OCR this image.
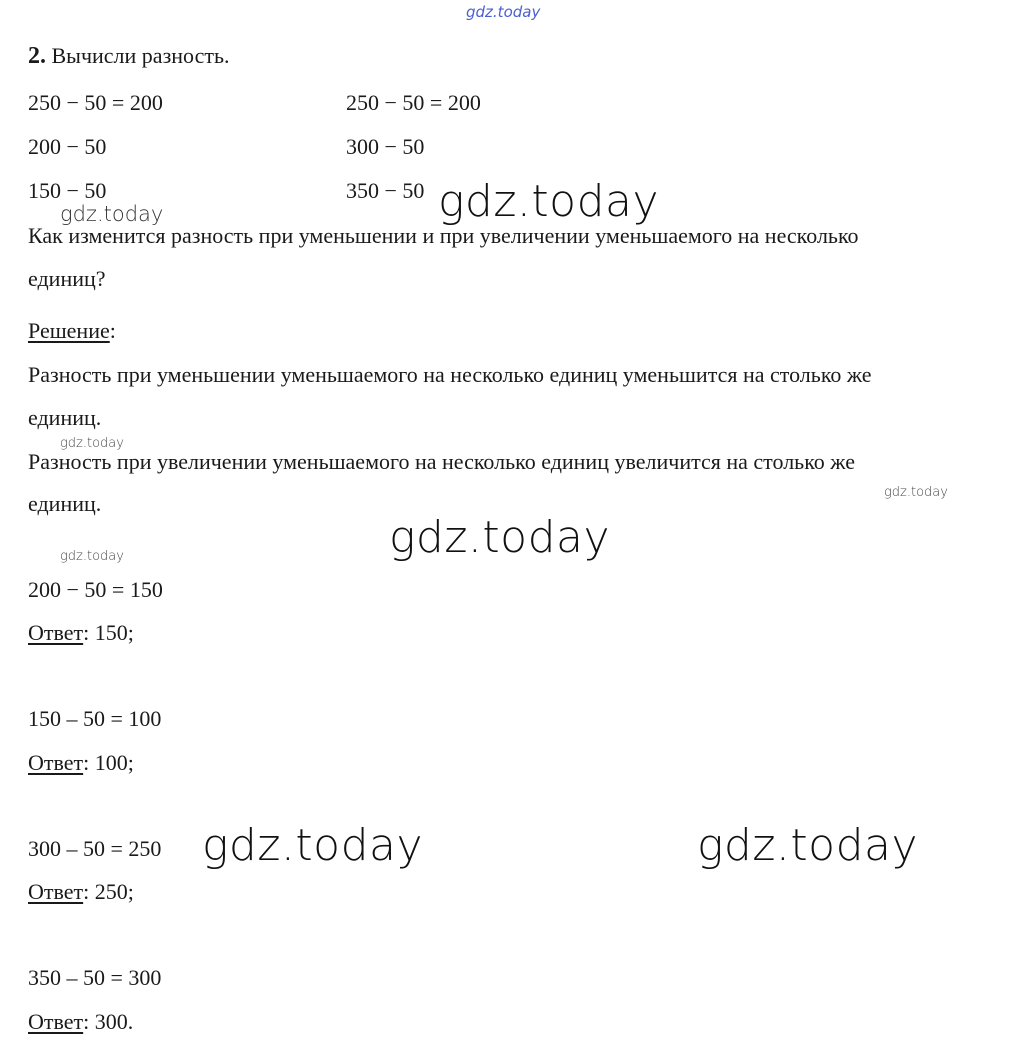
gdz.today
gdz.today	gdz.today
gdz.today
gdz.today
gdz.today
gdz.today
gdz.today	gdz.today
2. Вычисли разность.
250 − 50 = 200
200 − 50
150 − 50
250 − 50 = 200
300 − 50
350 − 50
Как изменится разность при уменьшении и при увеличении уменьшаемого на несколько
единиц?
Решение:
Разность при уменьшении уменьшаемого на несколько единиц уменьшится на столько же
единиц.
Разность при увеличении уменьшаемого на несколько единиц увеличится на столько же
единиц.
200 − 50 = 150
Ответ: 150;
150 – 50 = 100
Ответ: 100;
300 – 50 = 250
Ответ: 250;
350 – 50 = 300
Ответ: 300.
